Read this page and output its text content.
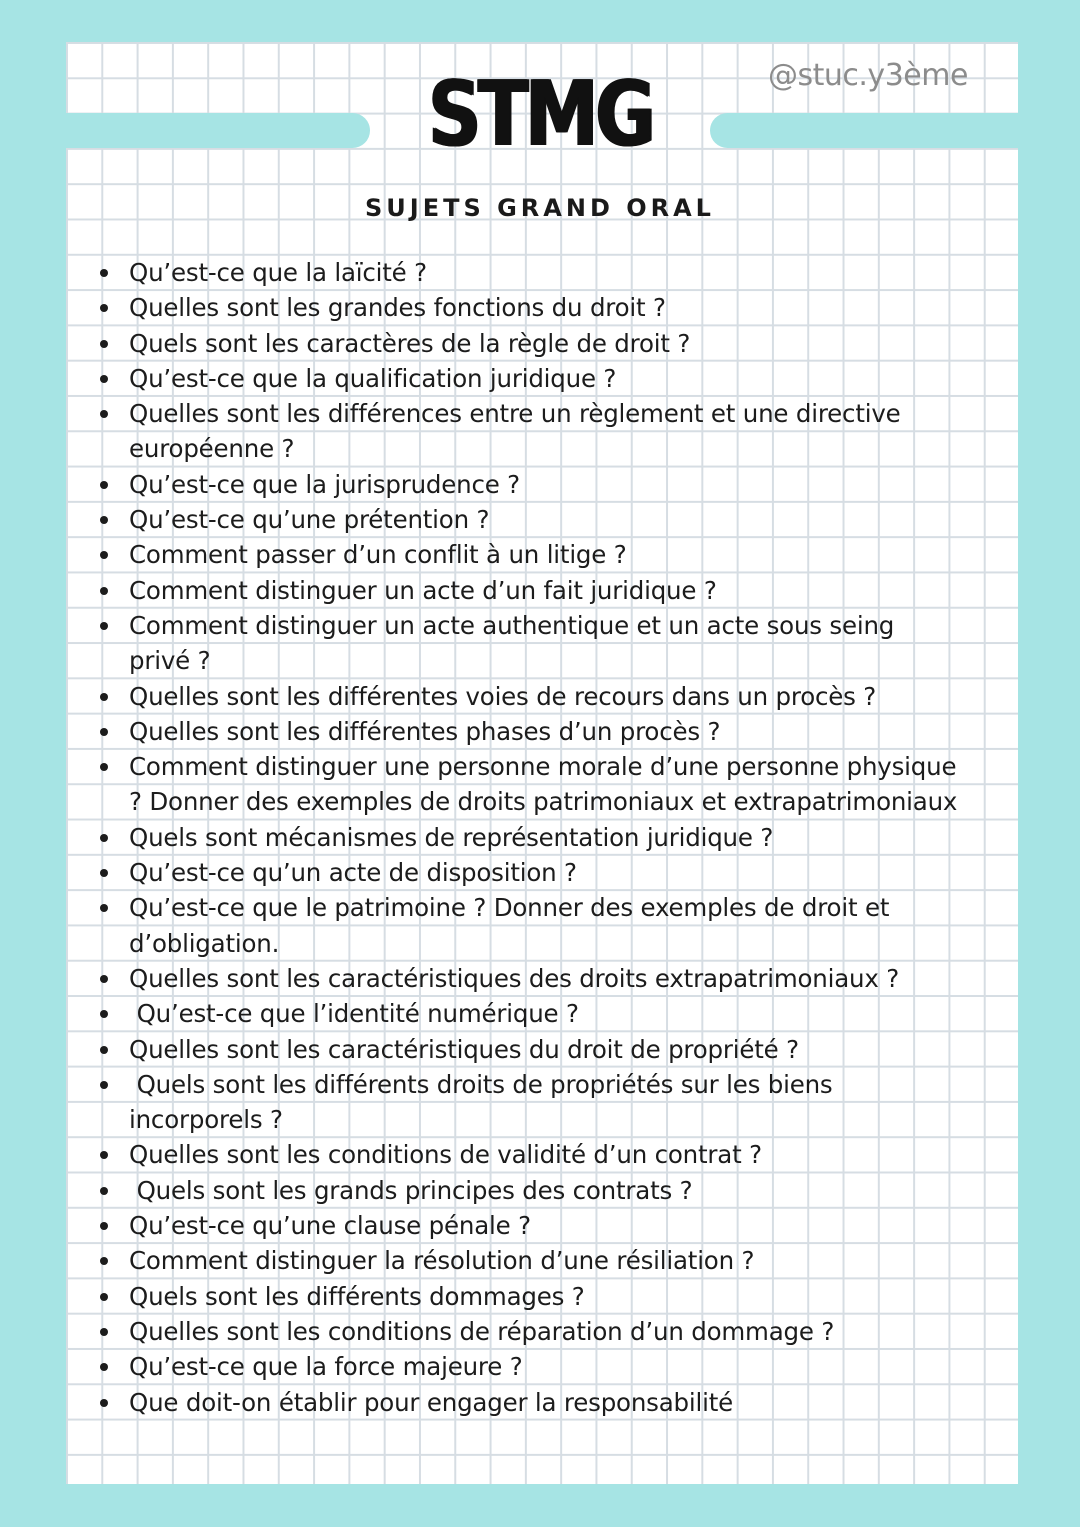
STMG	@stuc.y3ème
SUJETS GRAND ORAL
Qu’est-ce que la laïcité ?
Quelles sont les grandes fonctions du droit ?
Quels sont les caractères de la règle de droit ?
Qu’est-ce que la qualification juridique ?
Quelles sont les différences entre un règlement et une directive
européenne ?
Qu’est-ce que la jurisprudence ?
Qu’est-ce qu’une prétention ?
Comment passer d’un conflit à un litige ?
Comment distinguer un acte d’un fait juridique ?
Comment distinguer un acte authentique et un acte sous seing
privé ?
Quelles sont les différentes voies de recours dans un procès ?
Quelles sont les différentes phases d’un procès ?
Comment distinguer une personne morale d’une personne physique
? Donner des exemples de droits patrimoniaux et extrapatrimoniaux
Quels sont mécanismes de représentation juridique ?
Qu’est-ce qu’un acte de disposition ?
Qu’est-ce que le patrimoine ? Donner des exemples de droit et
d’obligation.
Quelles sont les caractéristiques des droits extrapatrimoniaux ?
Qu’est-ce que l’identité numérique ?
Quelles sont les caractéristiques du droit de propriété ?
Quels sont les différents droits de propriétés sur les biens
incorporels ?
Quelles sont les conditions de validité d’un contrat ?
Quels sont les grands principes des contrats ?
Qu’est-ce qu’une clause pénale ?
Comment distinguer la résolution d’une résiliation ?
Quels sont les différents dommages ?
Quelles sont les conditions de réparation d’un dommage ?
Qu’est-ce que la force majeure ?
Que doit-on établir pour engager la responsabilité
